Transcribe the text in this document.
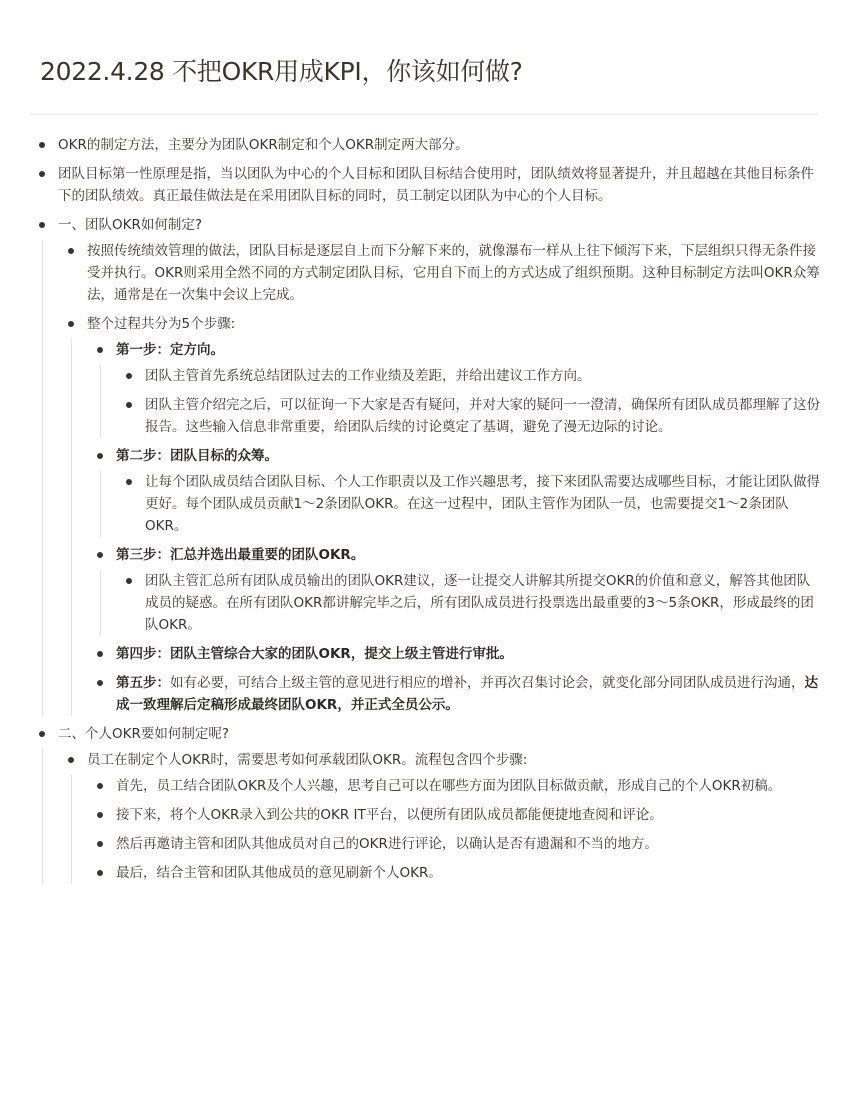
2022.4.28 不把OKR用成KPI，你该如何做?
OKR的制定方法，主要分为团队OKR制定和个人OKR制定两大部分。
团队目标第一性原理是指，当以团队为中心的个人目标和团队目标结合使用时，团队绩效将显著提升，并且超越在其他目标条件下的团队绩效。真正最佳做法是在采用团队目标的同时，员工制定以团队为中心的个人目标。
一、团队OKR如何制定?
按照传统绩效管理的做法，团队目标是逐层自上而下分解下来的，就像瀑布一样从上往下倾泻下来，下层组织只得无条件接受并执行。OKR则采用全然不同的方式制定团队目标，它用自下而上的方式达成了组织预期。这种目标制定方法叫OKR众筹法，通常是在一次集中会议上完成。
整个过程共分为5个步骤:
第一步：定方向。
团队主管首先系统总结团队过去的工作业绩及差距，并给出建议工作方向。
团队主管介绍完之后，可以征询一下大家是否有疑问，并对大家的疑问一一澄清，确保所有团队成员都理解了这份报告。这些输入信息非常重要，给团队后续的讨论奠定了基调，避免了漫无边际的讨论。
第二步：团队目标的众筹。
让每个团队成员结合团队目标、个人工作职责以及工作兴趣思考，接下来团队需要达成哪些目标，才能让团队做得更好。每个团队成员贡献1～2条团队OKR。在这一过程中，团队主管作为团队一员，也需要提交1～2条团队OKR。
第三步：汇总并选出最重要的团队OKR。
团队主管汇总所有团队成员输出的团队OKR建议，逐一让提交人讲解其所提交OKR的价值和意义，解答其他团队成员的疑惑。在所有团队OKR都讲解完毕之后，所有团队成员进行投票选出最重要的3～5条OKR，形成最终的团队OKR。
第四步：团队主管综合大家的团队OKR，提交上级主管进行审批。
第五步：如有必要，可结合上级主管的意见进行相应的增补，并再次召集讨论会，就变化部分同团队成员进行沟通，达成一致理解后定稿形成最终团队OKR，并正式全员公示。
二、个人OKR要如何制定呢?
员工在制定个人OKR时，需要思考如何承载团队OKR。流程包含四个步骤:
首先，员工结合团队OKR及个人兴趣，思考自己可以在哪些方面为团队目标做贡献，形成自己的个人OKR初稿。
接下来，将个人OKR录入到公共的OKR IT平台，以便所有团队成员都能便捷地查阅和评论。
然后再邀请主管和团队其他成员对自己的OKR进行评论，以确认是否有遗漏和不当的地方。
最后，结合主管和团队其他成员的意见刷新个人OKR。
